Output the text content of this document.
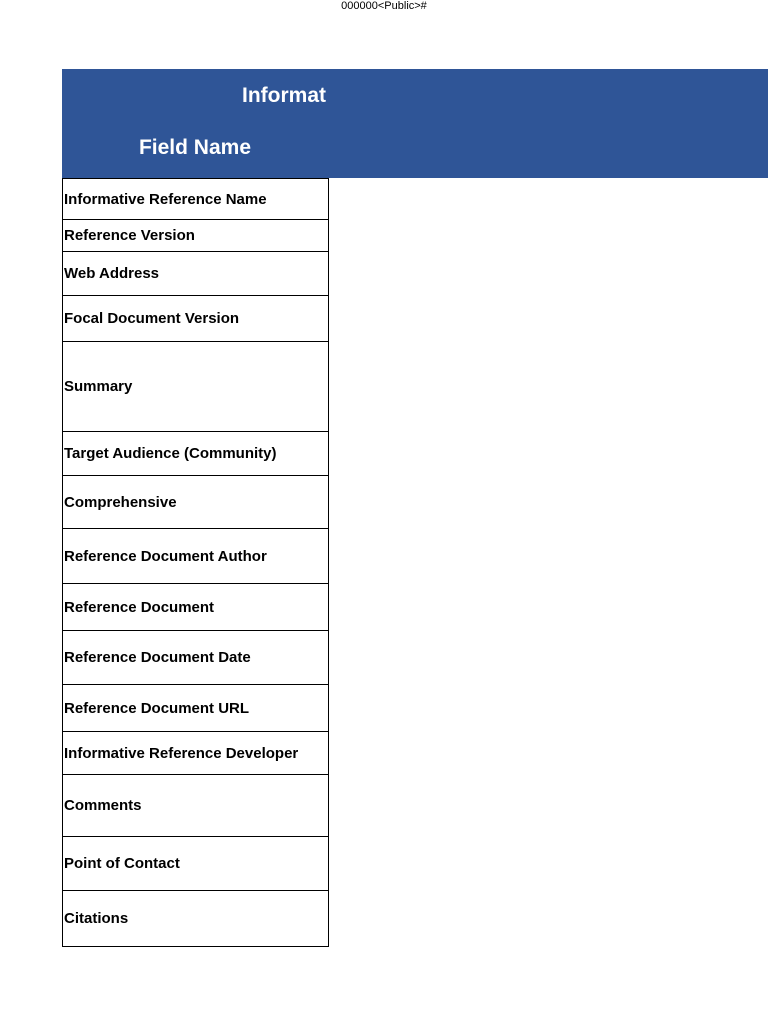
000000<Public>#
Informat
Field Name
Informative Reference Name
Reference Version
Web Address
Focal Document Version
Summary
Target Audience (Community)
Comprehensive
Reference Document Author
Reference Document
Reference Document Date
Reference Document URL
Informative Reference Developer
Comments
Point of Contact
Citations
